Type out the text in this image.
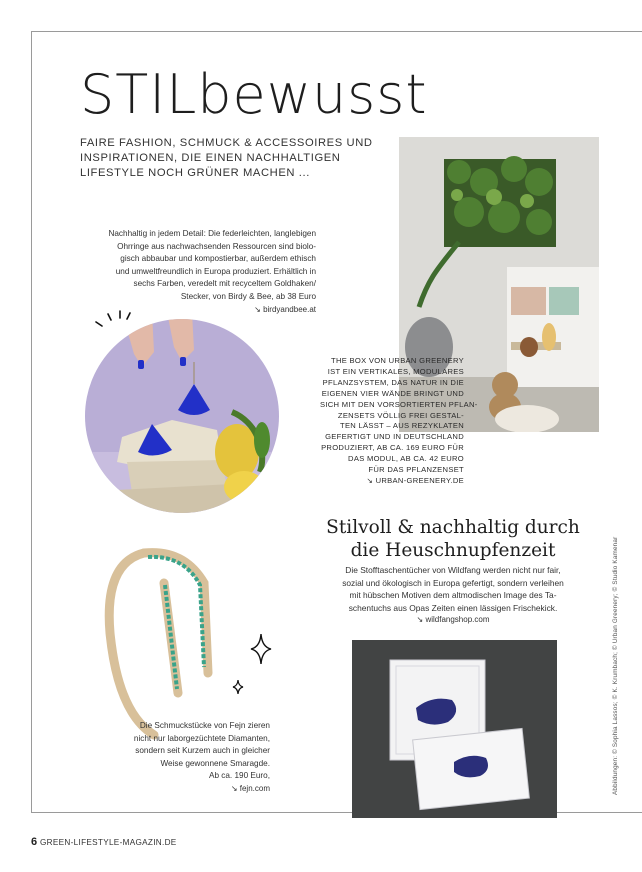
STILbewusst

FAIRE FASHION, SCHMUCK & ACCESSOIRES UND
INSPIRATIONEN, DIE EINEN NACHHALTIGEN
LIFESTYLE NOCH GRÜNER MACHEN ...

Nachhaltig in jedem Detail: Die federleichten, langlebigen
Ohrringe aus nachwachsenden Ressourcen sind biolo-
gisch abbaubar und kompostierbar, außerdem ethisch
und umweltfreundlich in Europa produziert. Erhältlich in
sechs Farben, veredelt mit recyceltem Goldhaken/
Stecker, von Birdy & Bee, ab 38 Euro
↘ birdyandbee.at

THE BOX VON URBAN GREENERY
IST EIN VERTIKALES, MODULARES
PFLANZSYSTEM, DAS NATUR IN DIE
EIGENEN VIER WÄNDE BRINGT UND
SICH MIT DEN VORSORTIERTEN PFLAN-
ZENSETS VÖLLIG FREI GESTAL-
TEN LÄSST – AUS REZYKLATEN
GEFERTIGT UND IN DEUTSCHLAND
PRODUZIERT, AB CA. 169 EURO FÜR
DAS MODUL, AB CA. 42 EURO
FÜR DAS PFLANZENSET
↘ URBAN-GREENERY.DE

Stilvoll & nachhaltig durch
die Heuschnupfenzeit

Die Stofftaschentücher von Wildfang werden nicht nur fair,
sozial und ökologisch in Europa gefertigt, sondern verleihen
mit hübschen Motiven dem altmodischen Image des Ta-
schentuchs aus Opas Zeiten einen lässigen Frischekick.
↘ wildfangshop.com

Die Schmuckstücke von Fejn zieren
nicht nur laborgezüchtete Diamanten,
sondern seit Kurzem auch in gleicher
Weise gewonnene Smaragde.
Ab ca. 190 Euro,
↘ fejn.com	Abbildungen: © Sophia Lassos; © K. Krumbach; © Urban Greenery; © Studio Kamenar
6 GREEN-LIFESTYLE-MAGAZIN.DE
